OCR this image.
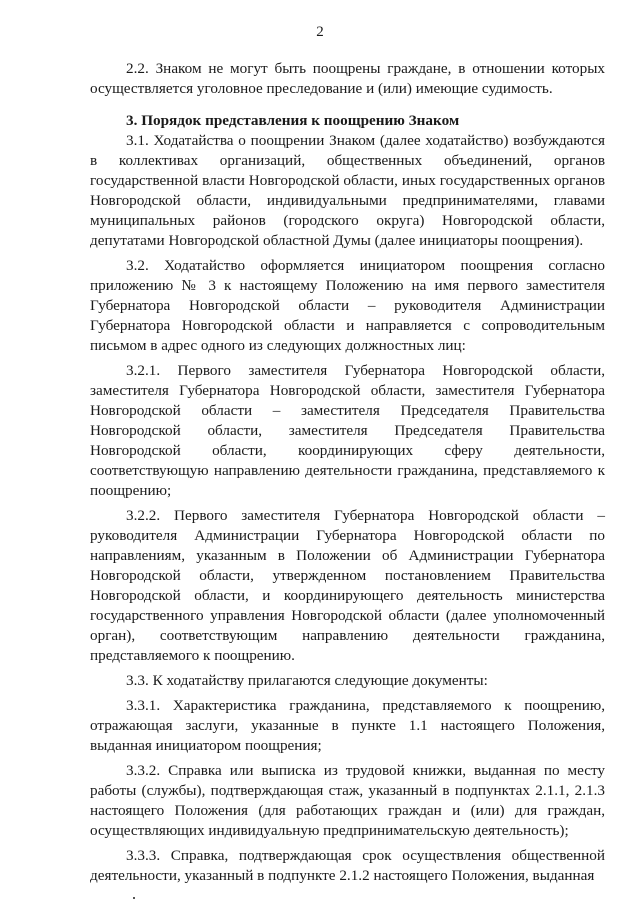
2

2.2. Знаком не могут быть поощрены граждане, в отношении которых осуществляется уголовное преследование и (или) имеющие судимость.

3. Порядок представления к поощрению Знаком

3.1. Ходатайства о поощрении Знаком (далее ходатайство) возбуждаются в коллективах организаций, общественных объединений, органов государственной власти Новгородской области, иных государственных органов Новгородской области, индивидуальными предпринимателями, главами муниципальных районов (городского округа) Новгородской области, депутатами Новгородской областной Думы (далее инициаторы поощрения).

3.2. Ходатайство оформляется инициатором поощрения согласно приложению № 3 к настоящему Положению на имя первого заместителя Губернатора Новгородской области – руководителя Администрации Губернатора Новгородской области и направляется с сопроводительным письмом в адрес одного из следующих должностных лиц:

3.2.1. Первого заместителя Губернатора Новгородской области, заместителя Губернатора Новгородской области, заместителя Губернатора Новгородской области – заместителя Председателя Правительства Новгородской области, заместителя Председателя Правительства Новгородской области, координирующих сферу деятельности, соответствующую направлению деятельности гражданина, представляемого к поощрению;

3.2.2. Первого заместителя Губернатора Новгородской области – руководителя Администрации Губернатора Новгородской области по направлениям, указанным в Положении об Администрации Губернатора Новгородской области, утвержденном постановлением Правительства Новгородской области, и координирующего деятельность министерства государственного управления Новгородской области (далее уполномоченный орган), соответствующим направлению деятельности гражданина, представляемого к поощрению.

3.3. К ходатайству прилагаются следующие документы:

3.3.1. Характеристика гражданина, представляемого к поощрению, отражающая заслуги, указанные в пункте 1.1 настоящего Положения, выданная инициатором поощрения;

3.3.2. Справка или выписка из трудовой книжки, выданная по месту работы (службы), подтверждающая стаж, указанный в подпунктах 2.1.1, 2.1.3 настоящего Положения (для работающих граждан и (или) для граждан, осуществляющих индивидуальную предпринимательскую деятельность);

3.3.3. Справка, подтверждающая срок осуществления общественной деятельности, указанный в подпункте 2.1.2 настоящего Положения, выданная
